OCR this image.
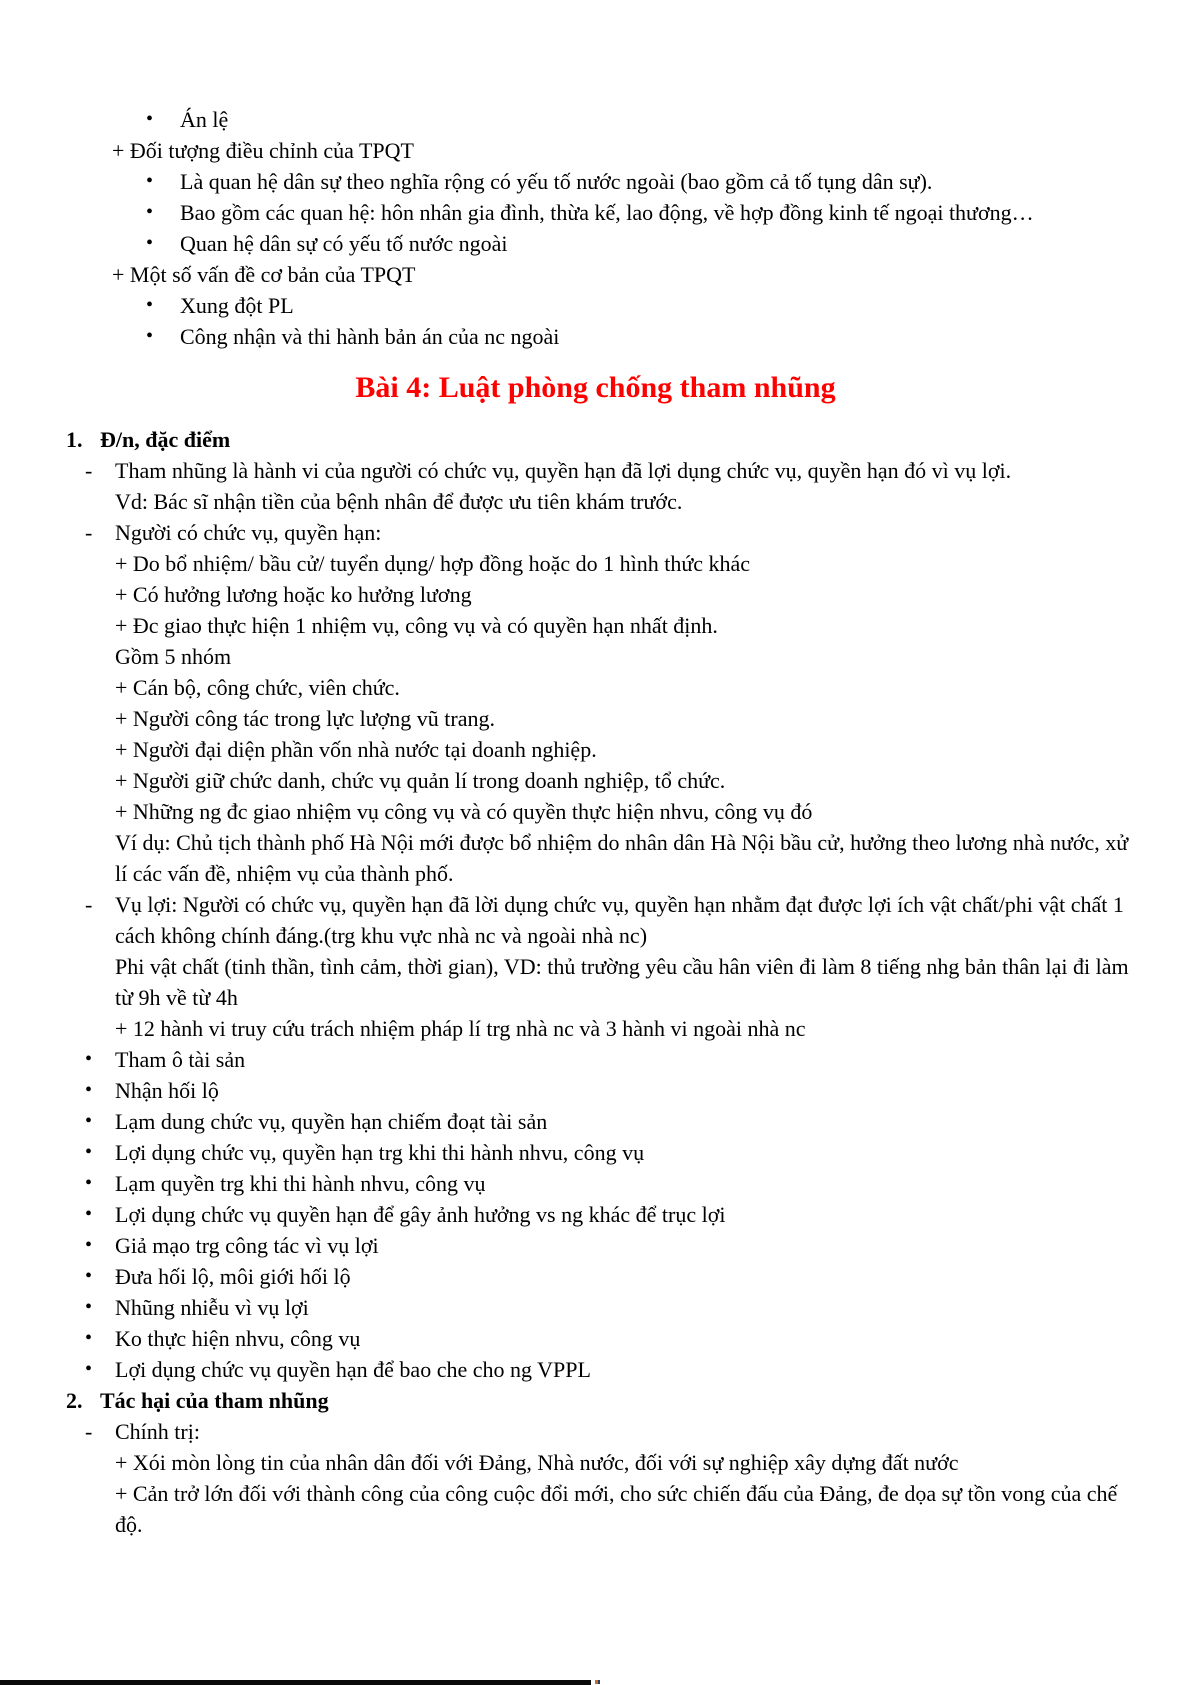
• Án lệ
+ Đối tượng điều chỉnh của TPQT
• Là quan hệ dân sự theo nghĩa rộng có yếu tố nước ngoài (bao gồm cả tố tụng dân sự).
• Bao gồm các quan hệ: hôn nhân gia đình, thừa kế, lao động, về hợp đồng kinh tế ngoại thương…
• Quan hệ dân sự có yếu tố nước ngoài
+ Một số vấn đề cơ bản của TPQT
• Xung đột PL
• Công nhận và thi hành bản án của nc ngoài
Bài 4: Luật phòng chống tham nhũng
1. Đ/n, đặc điểm
- Tham nhũng là hành vi của người có chức vụ, quyền hạn đã lợi dụng chức vụ, quyền hạn đó vì vụ lợi.
Vd: Bác sĩ nhận tiền của bệnh nhân để được ưu tiên khám trước.
- Người có chức vụ, quyền hạn:
+ Do bổ nhiệm/ bầu cử/ tuyển dụng/ hợp đồng hoặc do 1 hình thức khác
+ Có hưởng lương hoặc ko hưởng lương
+ Đc giao thực hiện 1 nhiệm vụ, công vụ và có quyền hạn nhất định.
Gồm 5 nhóm
+ Cán bộ, công chức, viên chức.
+ Người công tác trong lực lượng vũ trang.
+ Người đại diện phần vốn nhà nước tại doanh nghiệp.
+ Người giữ chức danh, chức vụ quản lí trong doanh nghiệp, tổ chức.
+ Những ng đc giao nhiệm vụ công vụ và có quyền thực hiện nhvu, công vụ đó
Ví dụ: Chủ tịch thành phố Hà Nội mới được bổ nhiệm do nhân dân Hà Nội bầu cử, hưởng theo lương nhà nước, xử lí các vấn đề, nhiệm vụ của thành phố.
- Vụ lợi: Người có chức vụ, quyền hạn đã lời dụng chức vụ, quyền hạn nhằm đạt được lợi ích vật chất/phi vật chất 1 cách không chính đáng.(trg khu vực nhà nc và ngoài nhà nc)
Phi vật chất (tinh thần, tình cảm, thời gian), VD: thủ trường yêu cầu hân viên đi làm 8 tiếng nhg bản thân lại đi làm từ 9h về từ 4h
+ 12 hành vi truy cứu trách nhiệm pháp lí trg nhà nc và 3 hành vi ngoài nhà nc
• Tham ô tài sản
• Nhận hối lộ
• Lạm dung chức vụ, quyền hạn chiếm đoạt tài sản
• Lợi dụng chức vụ, quyền hạn trg khi thi hành nhvu, công vụ
• Lạm quyền trg khi thi hành nhvu, công vụ
• Lợi dụng chức vụ quyền hạn để gây ảnh hưởng vs ng khác để trục lợi
• Giả mạo trg công tác vì vụ lợi
• Đưa hối lộ, môi giới hối lộ
• Nhũng nhiễu vì vụ lợi
• Ko thực hiện nhvu, công vụ
• Lợi dụng chức vụ quyền hạn để bao che cho ng VPPL
2. Tác hại của tham nhũng
- Chính trị:
+ Xói mòn lòng tin của nhân dân đối với Đảng, Nhà nước, đối với sự nghiệp xây dựng đất nước
+ Cản trở lớn đối với thành công của công cuộc đổi mới, cho sức chiến đấu của Đảng, đe dọa sự tồn vong của chế độ.
